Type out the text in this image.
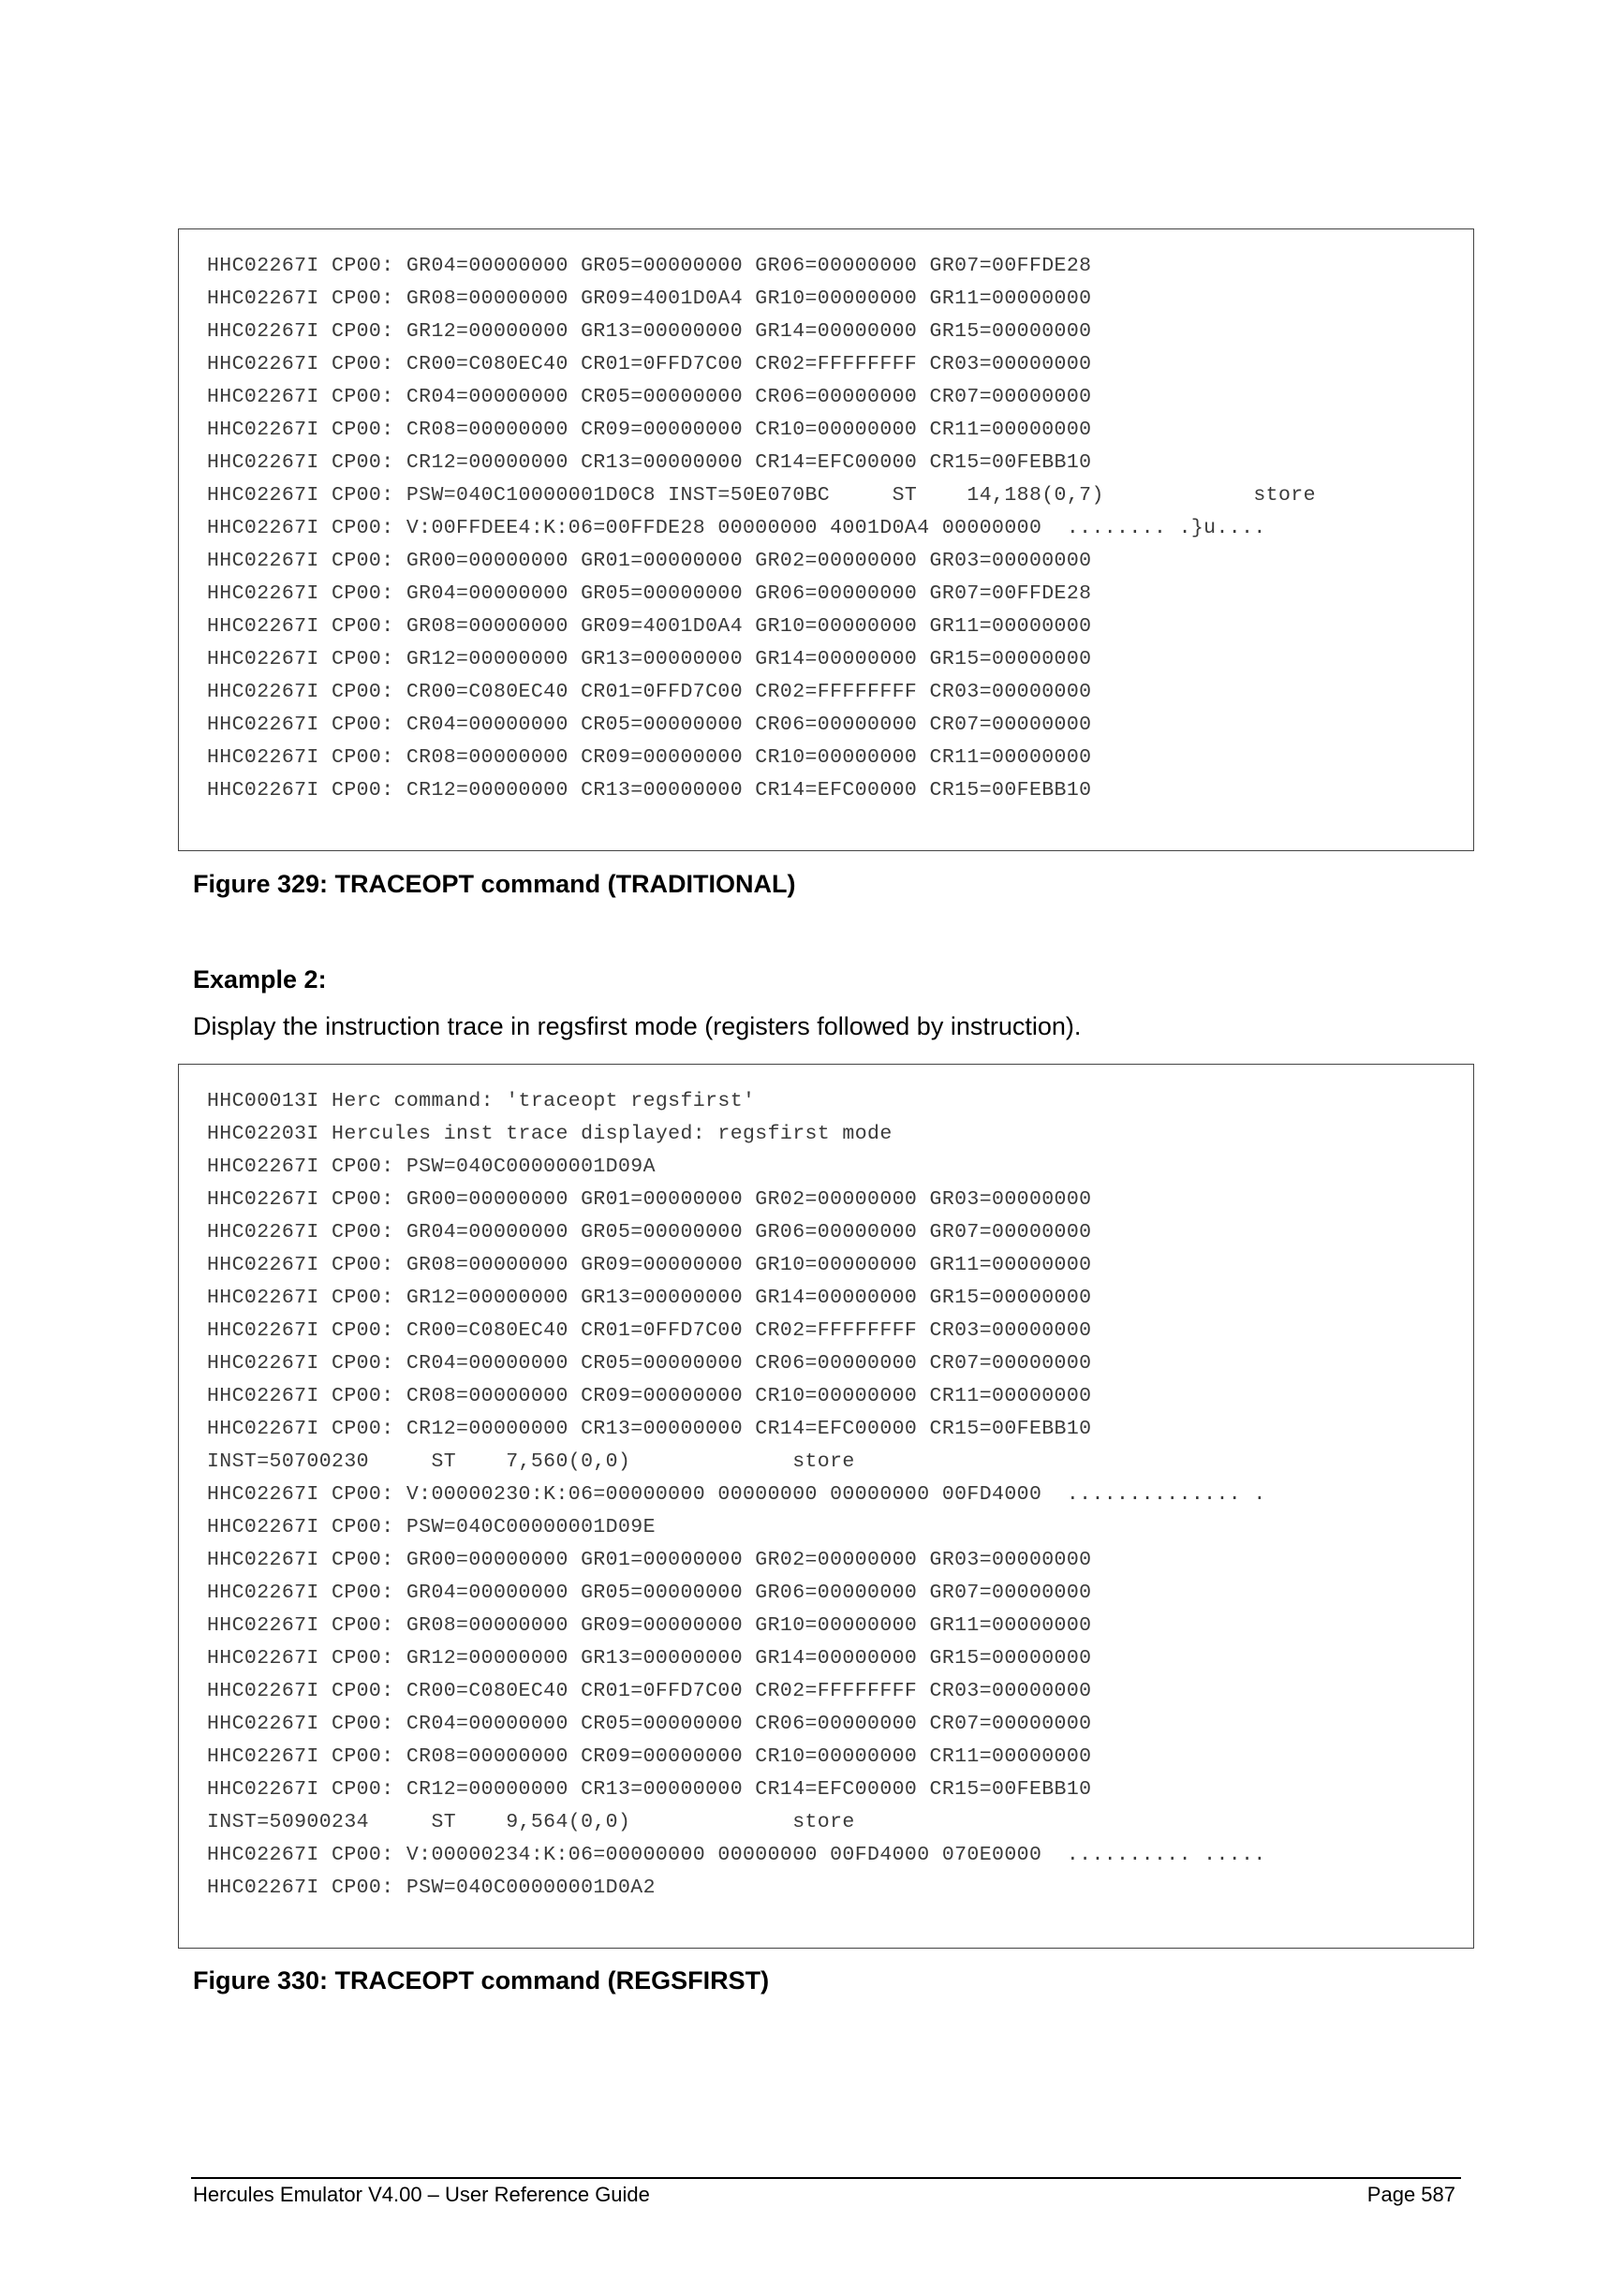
HHC02267I CP00: GR04=00000000 GR05=00000000 GR06=00000000 GR07=00FFDE28
HHC02267I CP00: GR08=00000000 GR09=4001D0A4 GR10=00000000 GR11=00000000
HHC02267I CP00: GR12=00000000 GR13=00000000 GR14=00000000 GR15=00000000
HHC02267I CP00: CR00=C080EC40 CR01=0FFD7C00 CR02=FFFFFFFF CR03=00000000
HHC02267I CP00: CR04=00000000 CR05=00000000 CR06=00000000 CR07=00000000
HHC02267I CP00: CR08=00000000 CR09=00000000 CR10=00000000 CR11=00000000
HHC02267I CP00: CR12=00000000 CR13=00000000 CR14=EFC00000 CR15=00FEBB10
HHC02267I CP00: PSW=040C10000001D0C8 INST=50E070BC     ST    14,188(0,7)            store
HHC02267I CP00: V:00FFDEE4:K:06=00FFDE28 00000000 4001D0A4 00000000  ........ .}u....
HHC02267I CP00: GR00=00000000 GR01=00000000 GR02=00000000 GR03=00000000
HHC02267I CP00: GR04=00000000 GR05=00000000 GR06=00000000 GR07=00FFDE28
HHC02267I CP00: GR08=00000000 GR09=4001D0A4 GR10=00000000 GR11=00000000
HHC02267I CP00: GR12=00000000 GR13=00000000 GR14=00000000 GR15=00000000
HHC02267I CP00: CR00=C080EC40 CR01=0FFD7C00 CR02=FFFFFFFF CR03=00000000
HHC02267I CP00: CR04=00000000 CR05=00000000 CR06=00000000 CR07=00000000
HHC02267I CP00: CR08=00000000 CR09=00000000 CR10=00000000 CR11=00000000
HHC02267I CP00: CR12=00000000 CR13=00000000 CR14=EFC00000 CR15=00FEBB10
Figure 329: TRACEOPT command (TRADITIONAL)
Example 2:
Display the instruction trace in regsfirst mode (registers followed by instruction).
HHC00013I Herc command: 'traceopt regsfirst'
HHC02203I Hercules inst trace displayed: regsfirst mode
HHC02267I CP00: PSW=040C00000001D09A
HHC02267I CP00: GR00=00000000 GR01=00000000 GR02=00000000 GR03=00000000
HHC02267I CP00: GR04=00000000 GR05=00000000 GR06=00000000 GR07=00000000
HHC02267I CP00: GR08=00000000 GR09=00000000 GR10=00000000 GR11=00000000
HHC02267I CP00: GR12=00000000 GR13=00000000 GR14=00000000 GR15=00000000
HHC02267I CP00: CR00=C080EC40 CR01=0FFD7C00 CR02=FFFFFFFF CR03=00000000
HHC02267I CP00: CR04=00000000 CR05=00000000 CR06=00000000 CR07=00000000
HHC02267I CP00: CR08=00000000 CR09=00000000 CR10=00000000 CR11=00000000
HHC02267I CP00: CR12=00000000 CR13=00000000 CR14=EFC00000 CR15=00FEBB10
INST=50700230     ST    7,560(0,0)             store
HHC02267I CP00: V:00000230:K:06=00000000 00000000 00000000 00FD4000  .............. .
HHC02267I CP00: PSW=040C00000001D09E
HHC02267I CP00: GR00=00000000 GR01=00000000 GR02=00000000 GR03=00000000
HHC02267I CP00: GR04=00000000 GR05=00000000 GR06=00000000 GR07=00000000
HHC02267I CP00: GR08=00000000 GR09=00000000 GR10=00000000 GR11=00000000
HHC02267I CP00: GR12=00000000 GR13=00000000 GR14=00000000 GR15=00000000
HHC02267I CP00: CR00=C080EC40 CR01=0FFD7C00 CR02=FFFFFFFF CR03=00000000
HHC02267I CP00: CR04=00000000 CR05=00000000 CR06=00000000 CR07=00000000
HHC02267I CP00: CR08=00000000 CR09=00000000 CR10=00000000 CR11=00000000
HHC02267I CP00: CR12=00000000 CR13=00000000 CR14=EFC00000 CR15=00FEBB10
INST=50900234     ST    9,564(0,0)             store
HHC02267I CP00: V:00000234:K:06=00000000 00000000 00FD4000 070E0000  .......... .....
HHC02267I CP00: PSW=040C00000001D0A2
Figure 330: TRACEOPT command (REGSFIRST)
Hercules Emulator V4.00 – User Reference Guide	Page 587
